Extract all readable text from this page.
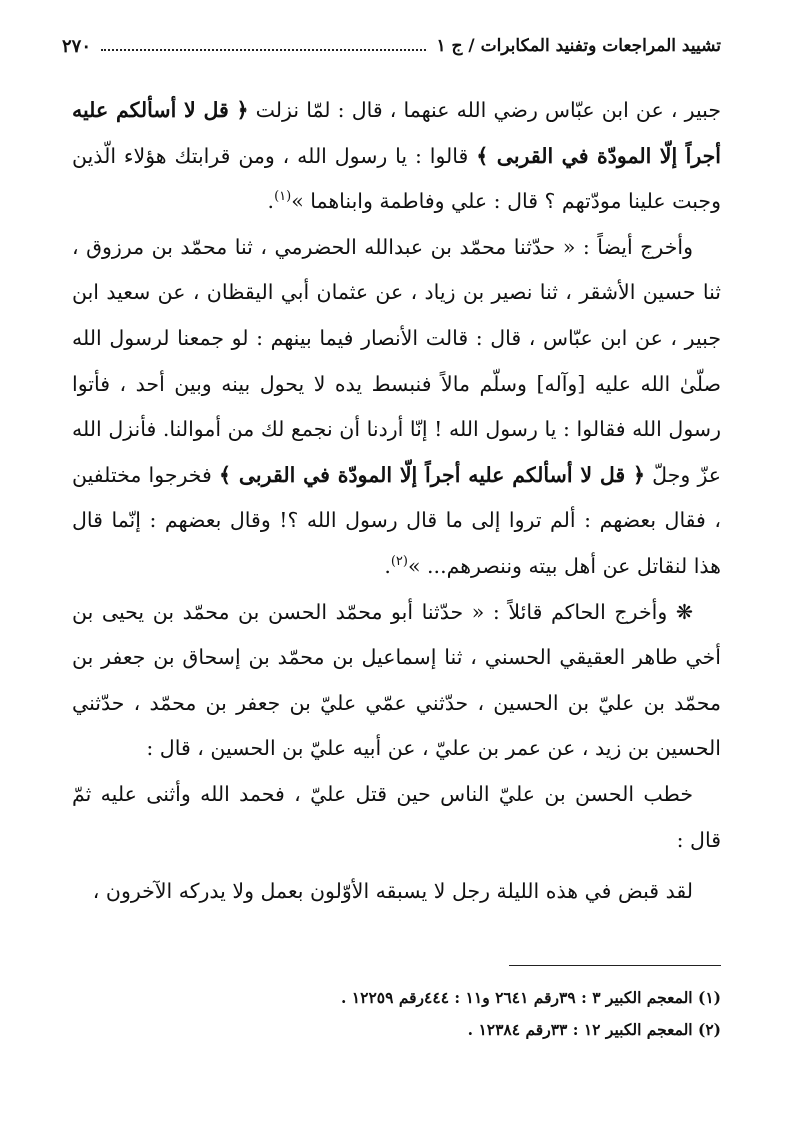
تشييد المراجعات وتفنيد المكابرات / ج ١
٢٧٠

جبير ، عن ابن عبّاس رضي الله عنهما ، قال : لمّا نزلت ﴿ قل لا أسألكم عليه أجراً إلّا المودّة في القربى ﴾ قالوا : يا رسول الله ، ومن قرابتك هؤلاء الّذين وجبت علينا مودّتهم ؟ قال : علي وفاطمة وابناهما »$^{(١)}$.

وأخرج أيضاً : « حدّثنا محمّد بن عبدالله الحضرمي ، ثنا محمّد بن مرزوق ، ثنا حسين الأشقر ، ثنا نصير بن زياد ، عن عثمان أبي اليقظان ، عن سعيد ابن جبير ، عن ابن عبّاس ، قال : قالت الأنصار فيما بينهم : لو جمعنا لرسول الله صلّىٰ الله عليه [وآله] وسلّم مالاً فنبسط يده لا يحول بينه وبين أحد ، فأتوا رسول الله فقالوا : يا رسول الله ! إنّا أردنا أن نجمع لك من أموالنا. فأنزل الله عزّ وجلّ ﴿ قل لا أسألكم عليه أجراً إلّا المودّة في القربى ﴾ فخرجوا مختلفين ، فقال بعضهم : ألم تروا إلى ما قال رسول الله ؟! وقال بعضهم : إنّما قال هذا لنقاتل عن أهل بيته وننصرهم... »$^{(٢)}$.

❋ وأخرج الحاكم قائلاً : « حدّثنا أبو محمّد الحسن بن محمّد بن يحيى بن أخي طاهر العقيقي الحسني ، ثنا إسماعيل بن محمّد بن إسحاق بن جعفر بن محمّد بن عليّ بن الحسين ، حدّثني عمّي عليّ بن جعفر بن محمّد ، حدّثني الحسين بن زيد ، عن عمر بن عليّ ، عن أبيه عليّ بن الحسين ، قال :

خطب الحسن بن عليّ الناس حين قتل عليّ ، فحمد الله وأثنى عليه ثمّ قال :

لقد قبض في هذه الليلة رجل لا يسبقه الأوّلون بعمل ولا يدركه الآخرون ،

(١) المعجم الكبير ٣ : ٣٩رقم ٢٦٤١ و١١ : ٤٤٤رقم ١٢٢٥٩ .

(٢) المعجم الكبير ١٢ : ٣٣رقم ١٢٣٨٤ .
